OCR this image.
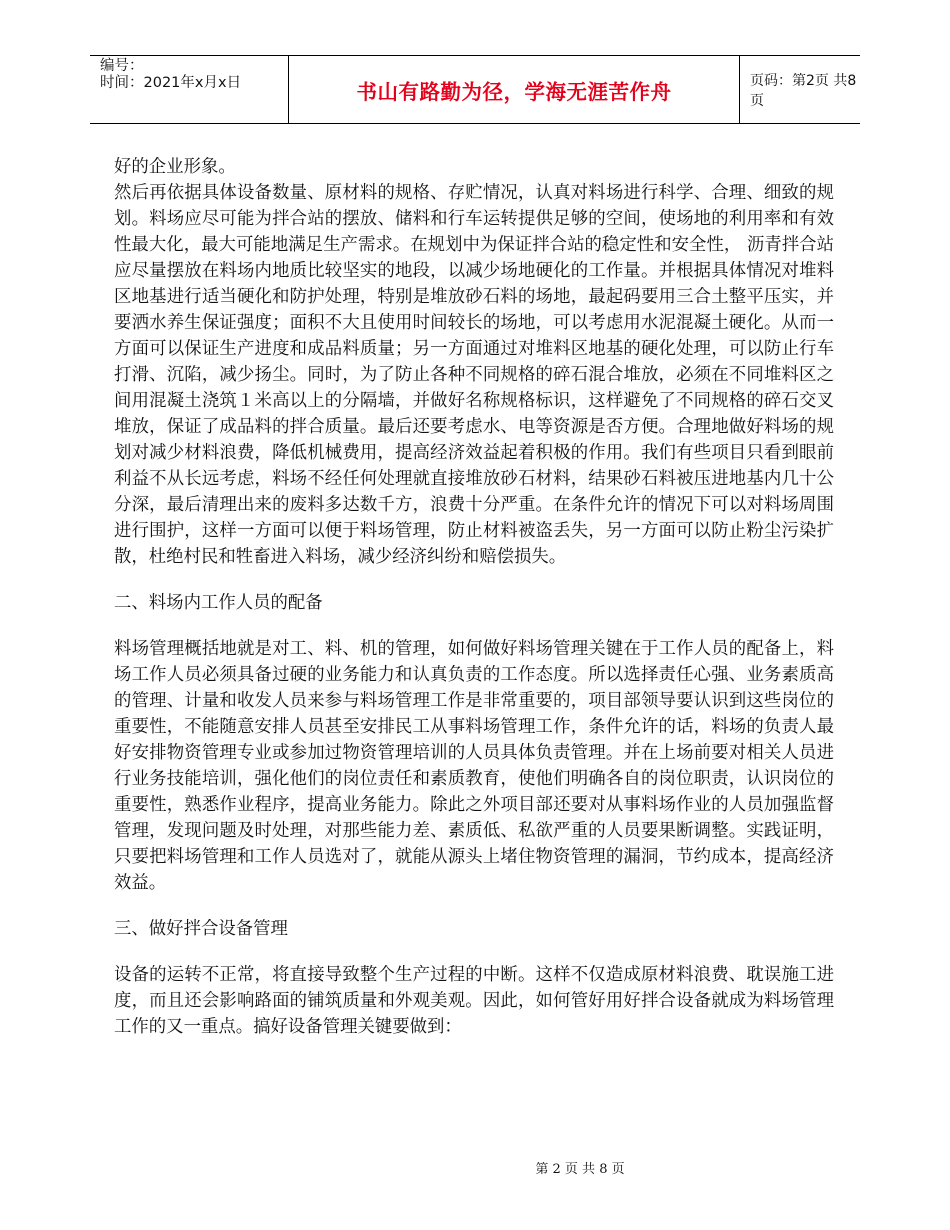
编号：
时间：2021年x月x日	书山有路勤为径，学海无涯苦作舟	页码：第2页 共8页

好的企业形象。

然后再依据具体设备数量、原材料的规格、存贮情况，认真对料场进行科学、合理、细致的规划。料场应尽可能为拌合站的摆放、储料和行车运转提供足够的空间，使场地的利用率和有效性最大化，最大可能地满足生产需求。在规划中为保证拌合站的稳定性和安全性， 沥青拌合站应尽量摆放在料场内地质比较坚实的地段，以减少场地硬化的工作量。并根据具体情况对堆料区地基进行适当硬化和防护处理，特别是堆放砂石料的场地，最起码要用三合土整平压实，并要洒水养生保证强度；面积不大且使用时间较长的场地，可以考虑用水泥混凝土硬化。从而一方面可以保证生产进度和成品料质量；另一方面通过对堆料区地基的硬化处理，可以防止行车打滑、沉陷，减少扬尘。同时，为了防止各种不同规格的碎石混合堆放，必须在不同堆料区之间用混凝土浇筑１米高以上的分隔墙，并做好名称规格标识，这样避免了不同规格的碎石交叉堆放，保证了成品料的拌合质量。最后还要考虑水、电等资源是否方便。合理地做好料场的规划对减少材料浪费，降低机械费用，提高经济效益起着积极的作用。我们有些项目只看到眼前利益不从长远考虑，料场不经任何处理就直接堆放砂石材料，结果砂石料被压进地基内几十公分深，最后清理出来的废料多达数千方，浪费十分严重。在条件允许的情况下可以对料场周围进行围护，这样一方面可以便于料场管理，防止材料被盗丢失，另一方面可以防止粉尘污染扩散，杜绝村民和牲畜进入料场，减少经济纠纷和赔偿损失。

二、料场内工作人员的配备

料场管理概括地就是对工、料、机的管理，如何做好料场管理关键在于工作人员的配备上，料场工作人员必须具备过硬的业务能力和认真负责的工作态度。所以选择责任心强、业务素质高的管理、计量和收发人员来参与料场管理工作是非常重要的，项目部领导要认识到这些岗位的重要性，不能随意安排人员甚至安排民工从事料场管理工作，条件允许的话，料场的负责人最好安排物资管理专业或参加过物资管理培训的人员具体负责管理。并在上场前要对相关人员进行业务技能培训，强化他们的岗位责任和素质教育，使他们明确各自的岗位职责，认识岗位的重要性，熟悉作业程序，提高业务能力。除此之外项目部还要对从事料场作业的人员加强监督管理，发现问题及时处理，对那些能力差、素质低、私欲严重的人员要果断调整。实践证明，只要把料场管理和工作人员选对了，就能从源头上堵住物资管理的漏洞，节约成本，提高经济效益。

三、做好拌合设备管理

设备的运转不正常，将直接导致整个生产过程的中断。这样不仅造成原材料浪费、耽误施工进度，而且还会影响路面的铺筑质量和外观美观。因此，如何管好用好拌合设备就成为料场管理工作的又一重点。搞好设备管理关键要做到：

第 2 页 共 8 页
